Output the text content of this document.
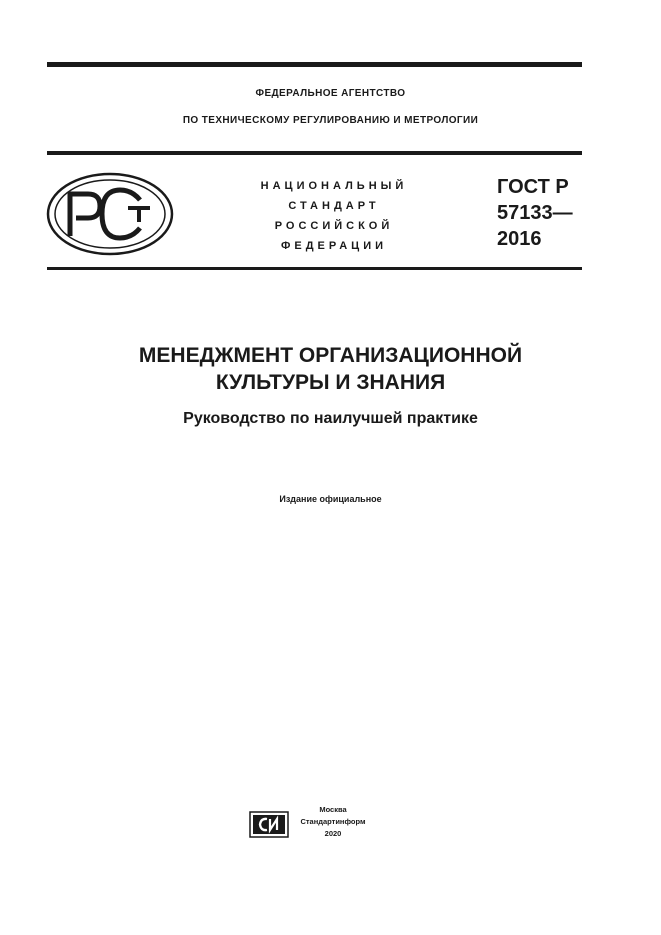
ФЕДЕРАЛЬНОЕ АГЕНТСТВО
ПО ТЕХНИЧЕСКОМУ РЕГУЛИРОВАНИЮ И МЕТРОЛОГИИ
НАЦИОНАЛЬНЫЙ
СТАНДАРТ
РОССИЙСКОЙ
ФЕДЕРАЦИИ
ГОСТ Р
57133—
2016
МЕНЕДЖМЕНТ ОРГАНИЗАЦИОННОЙ
КУЛЬТУРЫ И ЗНАНИЯ
Руководство по наилучшей практике
Издание официальное
Москва
Стандартинформ
2020
